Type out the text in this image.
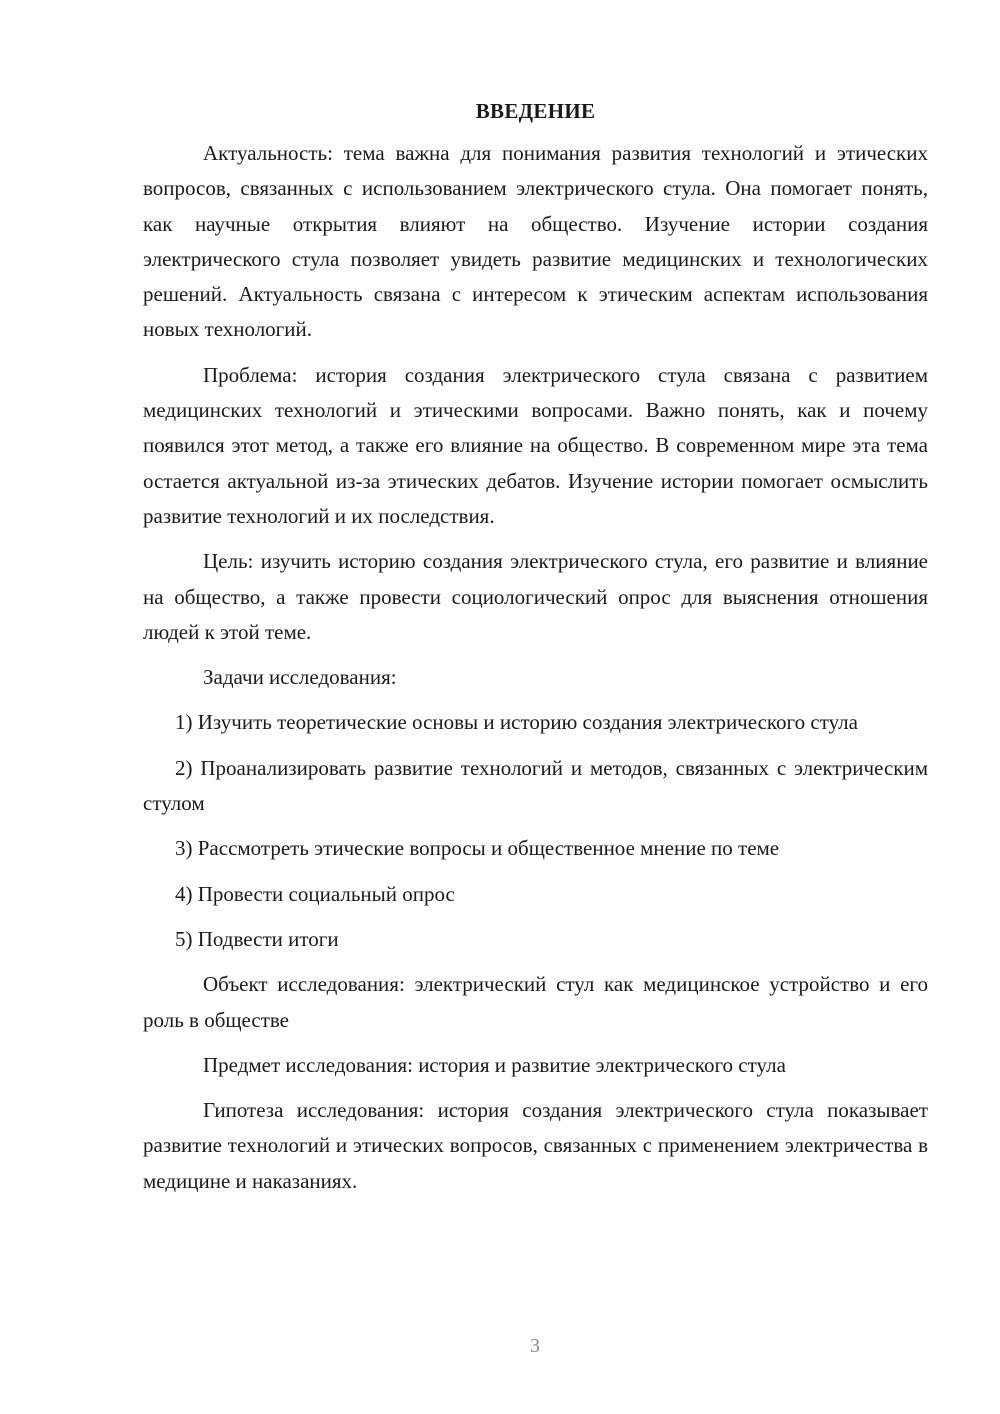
ВВЕДЕНИЕ

Актуальность: тема важна для понимания развития технологий и этических вопросов, связанных с использованием электрического стула. Она помогает понять, как научные открытия влияют на общество. Изучение истории создания электрического стула позволяет увидеть развитие медицинских и технологических решений. Актуальность связана с интересом к этическим аспектам использования новых технологий.

Проблема: история создания электрического стула связана с развитием медицинских технологий и этическими вопросами. Важно понять, как и почему появился этот метод, а также его влияние на общество. В современном мире эта тема остается актуальной из-за этических дебатов. Изучение истории помогает осмыслить развитие технологий и их последствия.

Цель: изучить историю создания электрического стула, его развитие и влияние на общество, а также провести социологический опрос для выяснения отношения людей к этой теме.

Задачи исследования:

1) Изучить теоретические основы и историю создания электрического стула

2) Проанализировать развитие технологий и методов, связанных с электрическим стулом

3) Рассмотреть этические вопросы и общественное мнение по теме

4) Провести социальный опрос

5) Подвести итоги

Объект исследования: электрический стул как медицинское устройство и его роль в обществе

Предмет исследования: история и развитие электрического стула

Гипотеза исследования: история создания электрического стула показывает развитие технологий и этических вопросов, связанных с применением электричества в медицине и наказаниях.

3
